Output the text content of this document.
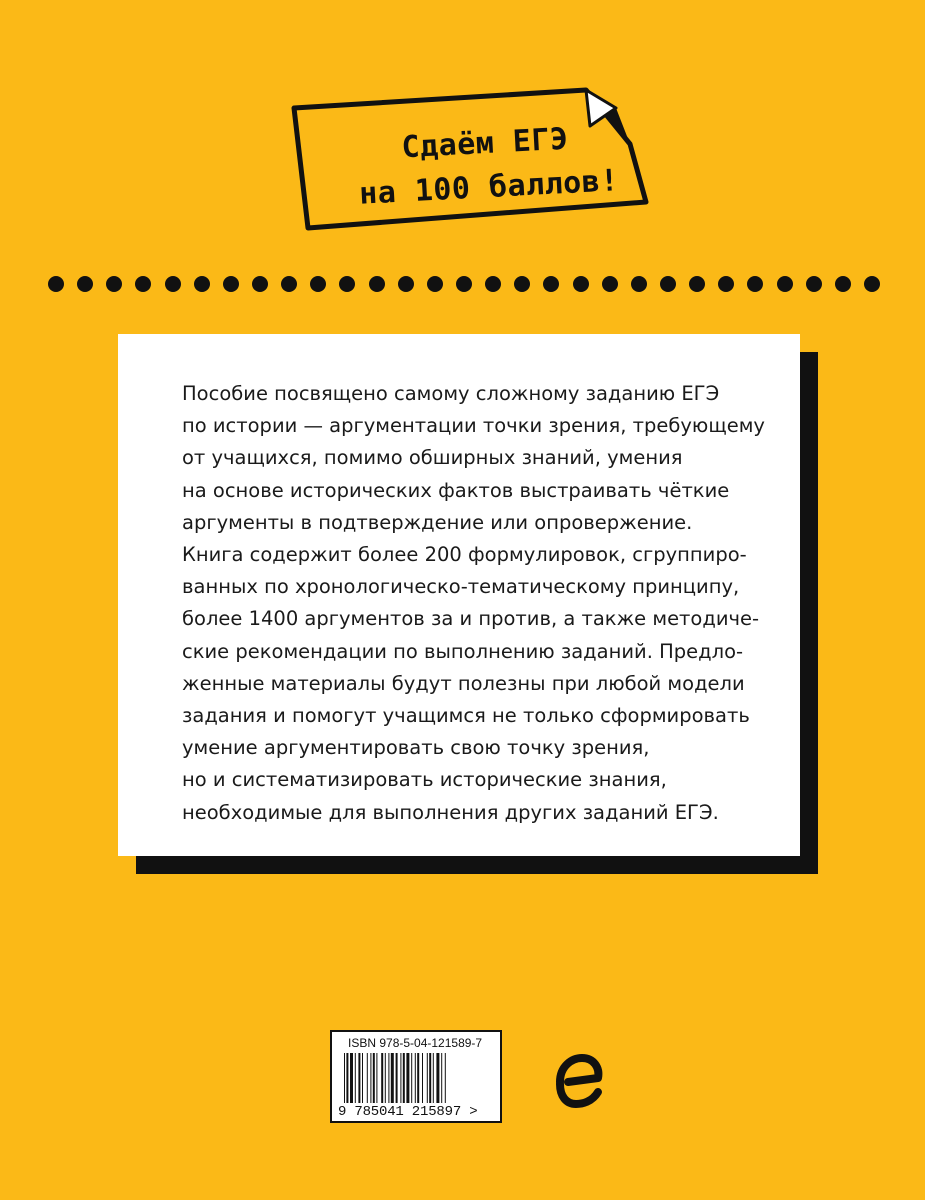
Сдаём ЕГЭ
на 100 баллов!

Пособие посвящено самому сложному заданию ЕГЭ
по истории — аргументации точки зрения, требующему
от учащихся, помимо обширных знаний, умения
на основе исторических фактов выстраивать чёткие
аргументы в подтверждение или опровержение.
Книга содержит более 200 формулировок, сгруппиро-
ванных по хронологическо-тематическому принципу,
более 1400 аргументов за и против, а также методиче-
ские рекомендации по выполнению заданий. Предло-
женные материалы будут полезны при любой модели
задания и помогут учащимся не только сформировать
умение аргументировать свою точку зрения,
но и систематизировать исторические знания,
необходимые для выполнения других заданий ЕГЭ.

ISBN 978-5-04-121589-7
9 785041 215897 >
